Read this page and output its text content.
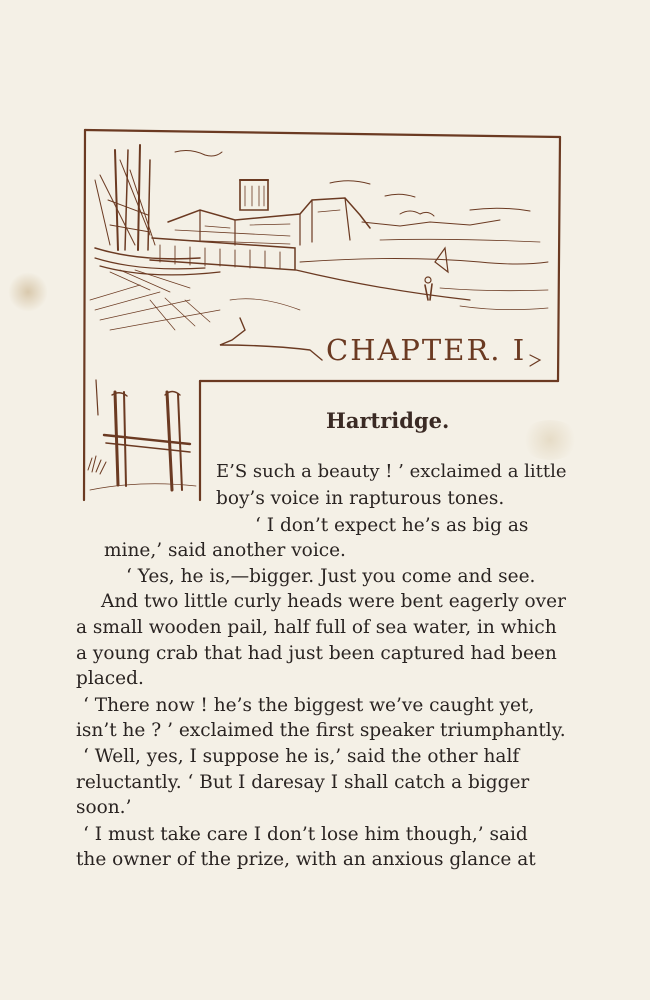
CHAPTER. I
Hartridge.

E’S such a beauty ! ’ exclaimed a little

boy’s voice in rapturous tones.

‘ I don’t expect he’s as big as

mine,’ said another voice.

‘ Yes, he is,—bigger. Just you come and see.

And two little curly heads were bent eagerly over

a small wooden pail, half full of sea water, in which

a young crab that had just been captured had been

placed.

‘ There now ! he’s the biggest we’ve caught yet,

isn’t he ? ’ exclaimed the first speaker triumphantly.

‘ Well, yes, I suppose he is,’ said the other half

reluctantly. ‘ But I daresay I shall catch a bigger

soon.’

‘ I must take care I don’t lose him though,’ said

the owner of the prize, with an anxious glance at
